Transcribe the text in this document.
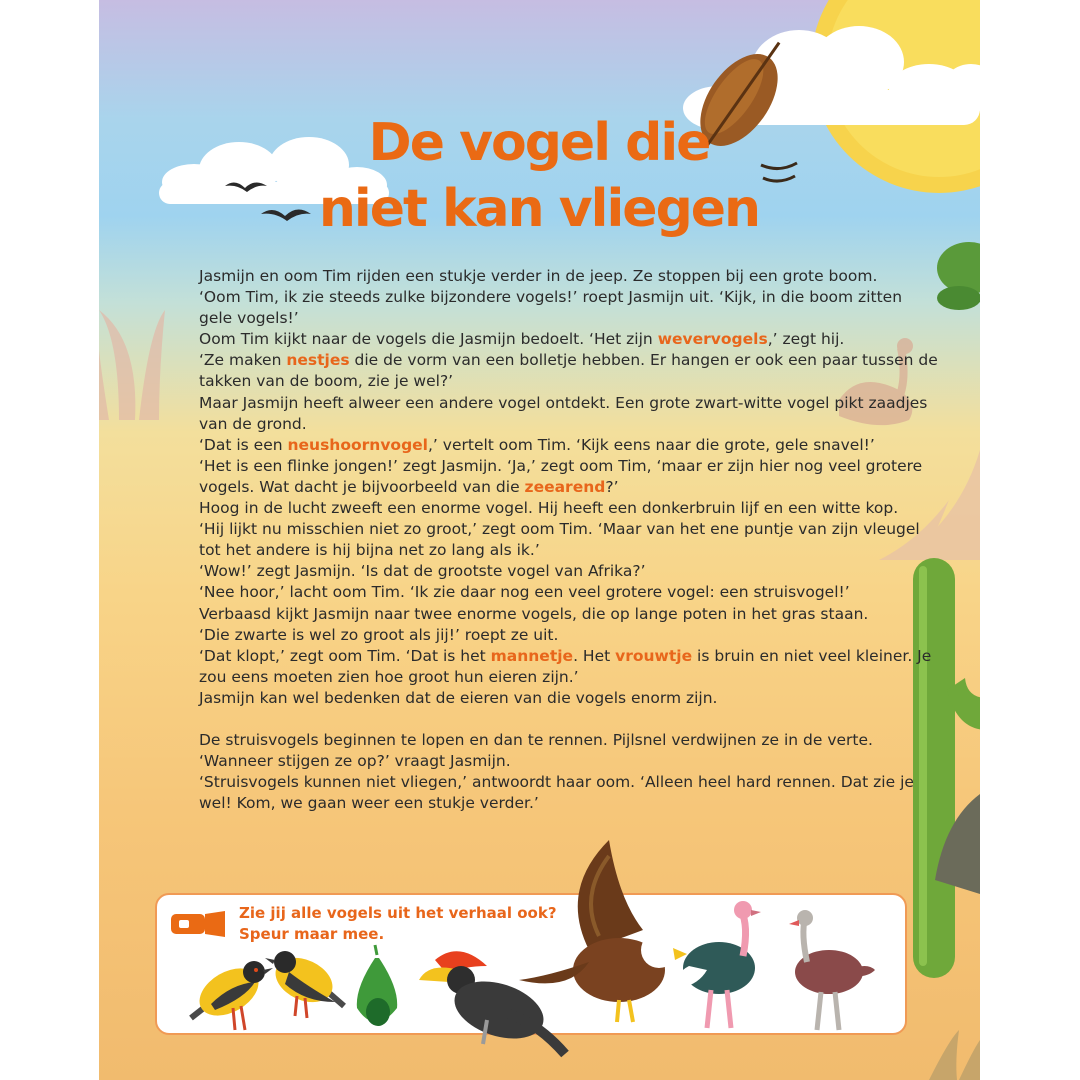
De vogel die
niet kan vliegen

Jasmijn en oom Tim rijden een stukje verder in de jeep. Ze stoppen bij een grote boom.

‘Oom Tim, ik zie steeds zulke bijzondere vogels!’ roept Jasmijn uit. ‘Kijk, in die boom zitten gele vogels!’

Oom Tim kijkt naar de vogels die Jasmijn bedoelt. ‘Het zijn wevervogels,’ zegt hij.

‘Ze maken nestjes die de vorm van een bolletje hebben. Er hangen er ook een paar tussen de takken van de boom, zie je wel?’

Maar Jasmijn heeft alweer een andere vogel ontdekt. Een grote zwart-witte vogel pikt zaadjes van de grond.

‘Dat is een neushoornvogel,’ vertelt oom Tim. ‘Kijk eens naar die grote, gele snavel!’

‘Het is een flinke jongen!’ zegt Jasmijn. ‘Ja,’ zegt oom Tim, ‘maar er zijn hier nog veel grotere vogels. Wat dacht je bijvoorbeeld van die zeearend?’

Hoog in de lucht zweeft een enorme vogel. Hij heeft een donkerbruin lijf en een witte kop.

‘Hij lijkt nu misschien niet zo groot,’ zegt oom Tim. ‘Maar van het ene puntje van zijn vleugel tot het andere is hij bijna net zo lang als ik.’

‘Wow!’ zegt Jasmijn. ‘Is dat de grootste vogel van Afrika?’

‘Nee hoor,’ lacht oom Tim. ‘Ik zie daar nog een veel grotere vogel: een struisvogel!’

Verbaasd kijkt Jasmijn naar twee enorme vogels, die op lange poten in het gras staan.

‘Die zwarte is wel zo groot als jij!’ roept ze uit.

‘Dat klopt,’ zegt oom Tim. ‘Dat is het mannetje. Het vrouwtje is bruin en niet veel kleiner. Je zou eens moeten zien hoe groot hun eieren zijn.’

Jasmijn kan wel bedenken dat de eieren van die vogels enorm zijn.

De struisvogels beginnen te lopen en dan te rennen. Pijlsnel verdwijnen ze in de verte.

‘Wanneer stijgen ze op?’ vraagt Jasmijn.

‘Struisvogels kunnen niet vliegen,’ antwoordt haar oom. ‘Alleen heel hard rennen. Dat zie je wel! Kom, we gaan weer een stukje verder.’

Zie jij alle vogels uit het verhaal ook? Speur maar mee.
